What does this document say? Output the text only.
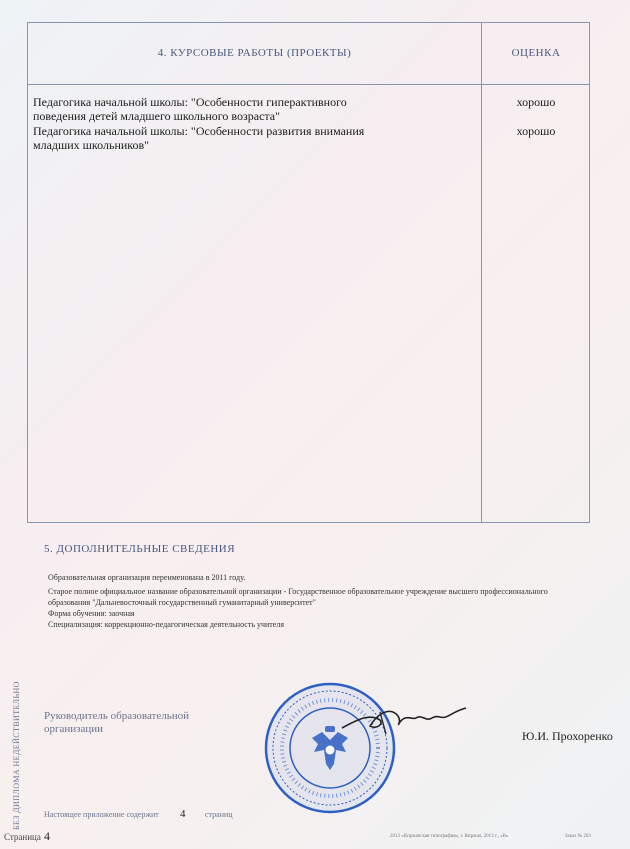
4. КУРСОВЫЕ РАБОТЫ (ПРОЕКТЫ)	ОЦЕНКА
Педагогика начальной школы: "Особенности гиперактивного
поведения детей младшего школьного возраста"
хорошо
Педагогика начальной школы: "Особенности развития внимания
младших школьников"
хорошо
5. ДОПОЛНИТЕЛЬНЫЕ СВЕДЕНИЯ
Образовательная организация переименована в 2011 году.
Старое полное официальное название образовательной организации - Государственное образовательное учреждение высшего профессионального
образования "Дальневосточный государственный гуманитарный университет"
Форма обучения: заочная
Специализация: коррекционно-педагогическая деятельность учителя
БЕЗ ДИПЛОМА НЕДЕЙСТВИТЕЛЬНО Руководитель образовательной
организации	Ю.И. Прохоренко
Настоящее приложение содержит 4 страниц
Страница 4	2013 «Киржачская типография», г. Киржач, 2013 г., «В»	Заказ № 203
